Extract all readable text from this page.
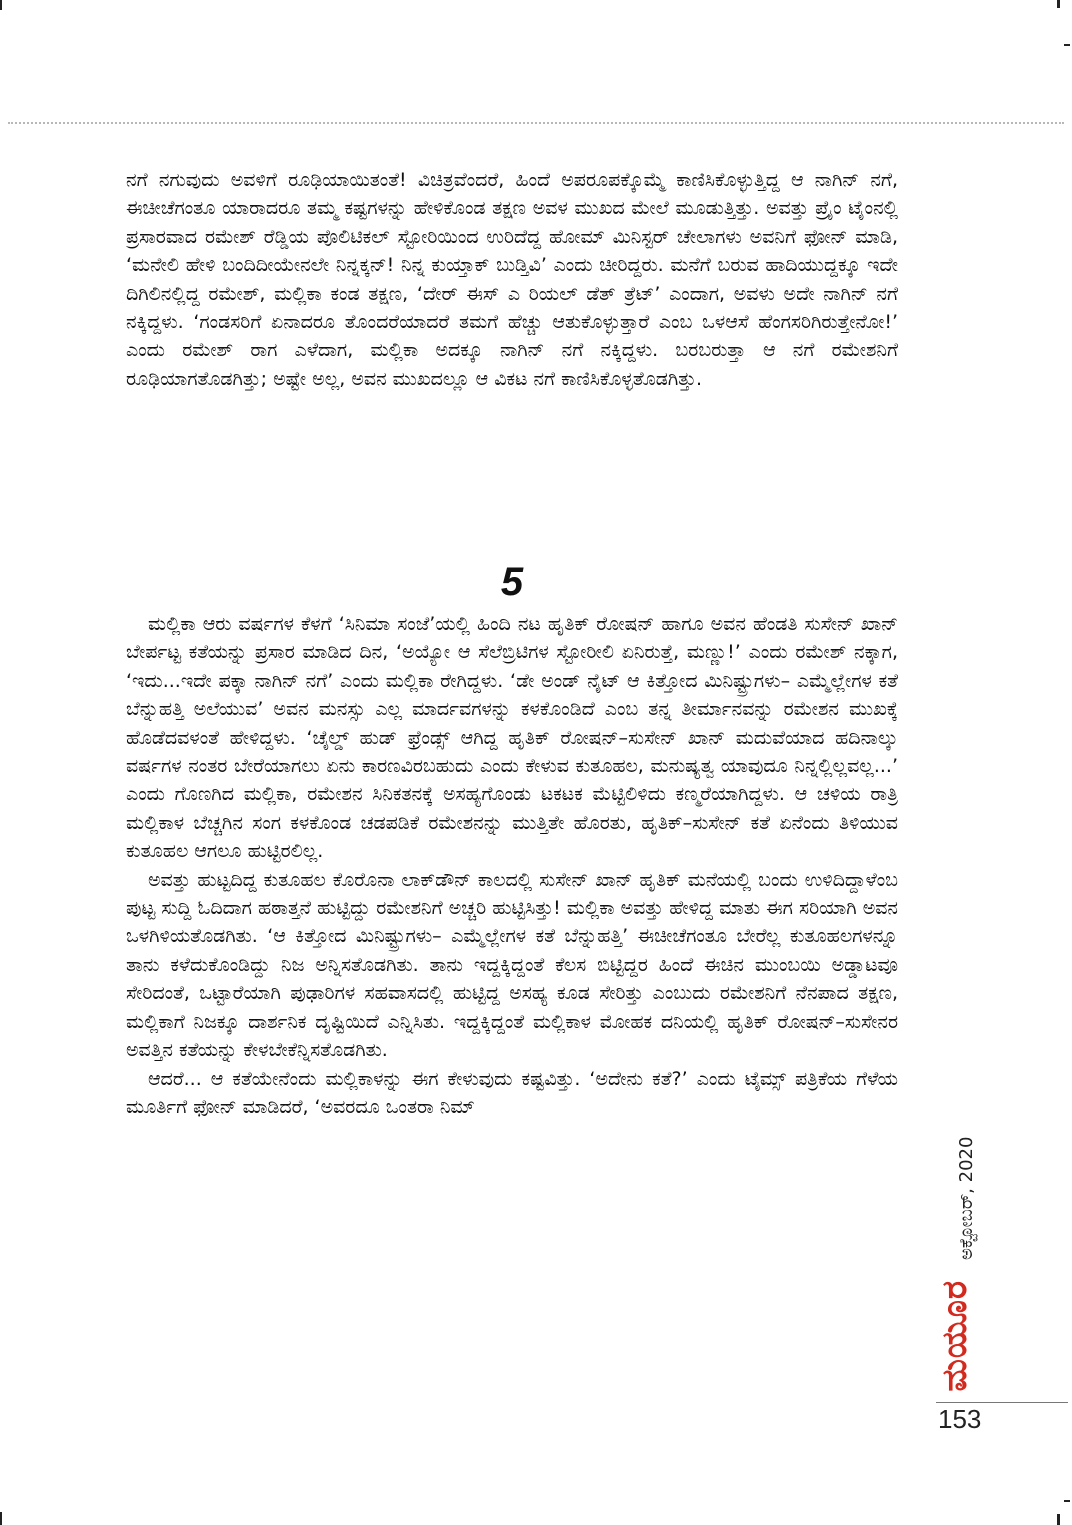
ನಗೆ ನಗುವುದು ಅವಳಿಗೆ ರೂಢಿಯಾಯಿತಂತೆ! ವಿಚಿತ್ರವೆಂದರೆ, ಹಿಂದೆ ಅಪರೂಪಕ್ಕೊಮ್ಮೆ ಕಾಣಿಸಿಕೊಳ್ಳುತ್ತಿದ್ದ ಆ ನಾಗಿನ್ ನಗೆ, ಈಚೀಚೆಗಂತೂ ಯಾರಾದರೂ ತಮ್ಮ ಕಷ್ಟಗಳನ್ನು ಹೇಳಿಕೊಂಡ ತಕ್ಷಣ ಅವಳ ಮುಖದ ಮೇಲೆ ಮೂಡುತ್ತಿತ್ತು. ಅವತ್ತು ಪ್ರೈಂ ಟೈಂನಲ್ಲಿ ಪ್ರಸಾರವಾದ ರಮೇಶ್ ರೆಡ್ಡಿಯ ಪೊಲಿಟಿಕಲ್ ಸ್ಟೋರಿಯಿಂದ ಉರಿದೆದ್ದ ಹೋಮ್ ಮಿನಿಸ್ಟರ್ ಚೇಲಾಗಳು ಅವನಿಗೆ ಫೋನ್ ಮಾಡಿ, ‘ಮನೇಲಿ ಹೇಳಿ ಬಂದಿದೀಯೇನಲೇ ನಿನ್ನಕ್ಕನ್! ನಿನ್ನ ಕುಯ್ತಾಕ್ ಬುಡ್ತಿವಿ’ ಎಂದು ಚೀರಿದ್ದರು. ಮನೆಗೆ ಬರುವ ಹಾದಿಯುದ್ದಕ್ಕೂ ಇದೇ ದಿಗಿಲಿನಲ್ಲಿದ್ದ ರಮೇಶ್, ಮಲ್ಲಿಕಾ ಕಂಡ ತಕ್ಷಣ, ‘ದೇರ್ ಈಸ್ ಎ ರಿಯಲ್ ಡೆತ್ ತ್ರೆಟ್’ ಎಂದಾಗ, ಅವಳು ಅದೇ ನಾಗಿನ್ ನಗೆ ನಕ್ಕಿದ್ದಳು. ‘ಗಂಡಸರಿಗೆ ಏನಾದರೂ ತೊಂದರೆಯಾದರೆ ತಮಗೆ ಹೆಚ್ಚು ಆತುಕೊಳ್ಳುತ್ತಾರೆ ಎಂಬ ಒಳಆಸೆ ಹೆಂಗಸರಿಗಿರುತ್ತೇನೋ!’ ಎಂದು ರಮೇಶ್ ರಾಗ ಎಳೆದಾಗ, ಮಲ್ಲಿಕಾ ಅದಕ್ಕೂ ನಾಗಿನ್ ನಗೆ ನಕ್ಕಿದ್ದಳು. ಬರಬರುತ್ತಾ ಆ ನಗೆ ರಮೇಶನಿಗೆ ರೂಢಿಯಾಗತೊಡಗಿತ್ತು; ಅಷ್ಟೇ ಅಲ್ಲ, ಅವನ ಮುಖದಲ್ಲೂ ಆ ವಿಕಟ ನಗೆ ಕಾಣಿಸಿಕೊಳ್ಳತೊಡಗಿತ್ತು.

5

ಮಲ್ಲಿಕಾ ಆರು ವರ್ಷಗಳ ಕೆಳಗೆ ‘ಸಿನಿಮಾ ಸಂಜೆ’ಯಲ್ಲಿ ಹಿಂದಿ ನಟ ಹೃತಿಕ್ ರೋಷನ್ ಹಾಗೂ ಅವನ ಹೆಂಡತಿ ಸುಸೇನ್ ಖಾನ್ ಬೇರ್ಪಟ್ಟ ಕತೆಯನ್ನು ಪ್ರಸಾರ ಮಾಡಿದ ದಿನ, ‘ಅಯ್ಯೋ ಆ ಸೆಲೆಬ್ರಿಟಿಗಳ ಸ್ಟೋರೀಲಿ ಏನಿರುತ್ತೆ, ಮಣ್ಣು!’ ಎಂದು ರಮೇಶ್ ನಕ್ಕಾಗ, ‘ಇದು...ಇದೇ ಪಕ್ಕಾ ನಾಗಿನ್ ನಗೆ’ ಎಂದು ಮಲ್ಲಿಕಾ ರೇಗಿದ್ದಳು. ‘ಡೇ ಅಂಡ್ ನೈಟ್ ಆ ಕಿತ್ತೋದ ಮಿನಿಷ್ಟ್ರುಗಳು– ಎಮ್ಮೆಲ್ಲೇಗಳ ಕತೆ ಬೆನ್ನುಹತ್ತಿ ಅಲೆಯುವ’ ಅವನ ಮನಸ್ಸು ಎಲ್ಲ ಮಾರ್ದವಗಳನ್ನು ಕಳಕೊಂಡಿದೆ ಎಂಬ ತನ್ನ ತೀರ್ಮಾನವನ್ನು ರಮೇಶನ ಮುಖಕ್ಕೆ ಹೊಡೆದವಳಂತೆ ಹೇಳಿದ್ದಳು. ‘ಚೈಲ್ಡ್ ಹುಡ್ ಫ್ರೆಂಡ್ಸ್ ಆಗಿದ್ದ ಹೃತಿಕ್ ರೋಷನ್–ಸುಸೇನ್ ಖಾನ್ ಮದುವೆಯಾದ ಹದಿನಾಲ್ಕು ವರ್ಷಗಳ ನಂತರ ಬೇರೆಯಾಗಲು ಏನು ಕಾರಣವಿರಬಹುದು ಎಂದು ಕೇಳುವ ಕುತೂಹಲ, ಮನುಷ್ಯತ್ವ ಯಾವುದೂ ನಿನ್ನಲ್ಲಿಲ್ಲವಲ್ಲ...’ ಎಂದು ಗೊಣಗಿದ ಮಲ್ಲಿಕಾ, ರಮೇಶನ ಸಿನಿಕತನಕ್ಕೆ ಅಸಹ್ಯಗೊಂಡು ಟಕಟಕ ಮೆಟ್ಟಿಲಿಳಿದು ಕಣ್ಮರೆಯಾಗಿದ್ದಳು. ಆ ಚಳಿಯ ರಾತ್ರಿ ಮಲ್ಲಿಕಾಳ ಬೆಚ್ಚಗಿನ ಸಂಗ ಕಳಕೊಂಡ ಚಡಪಡಿಕೆ ರಮೇಶನನ್ನು ಮುತ್ತಿತೇ ಹೊರತು, ಹೃತಿಕ್–ಸುಸೇನ್ ಕತೆ ಏನೆಂದು ತಿಳಿಯುವ ಕುತೂಹಲ ಆಗಲೂ ಹುಟ್ಟಿರಲಿಲ್ಲ.

ಅವತ್ತು ಹುಟ್ಟದಿದ್ದ ಕುತೂಹಲ ಕೊರೊನಾ ಲಾಕ್‌ಡೌನ್ ಕಾಲದಲ್ಲಿ ಸುಸೇನ್ ಖಾನ್ ಹೃತಿಕ್ ಮನೆಯಲ್ಲಿ ಬಂದು ಉಳಿದಿದ್ದಾಳೆಂಬ ಪುಟ್ಟ ಸುದ್ದಿ ಓದಿದಾಗ ಹಠಾತ್ತನೆ ಹುಟ್ಟಿದ್ದು ರಮೇಶನಿಗೆ ಅಚ್ಚರಿ ಹುಟ್ಟಿಸಿತ್ತು! ಮಲ್ಲಿಕಾ ಅವತ್ತು ಹೇಳಿದ್ದ ಮಾತು ಈಗ ಸರಿಯಾಗಿ ಅವನ ಒಳಗಿಳಿಯತೊಡಗಿತು. ‘ಆ ಕಿತ್ತೋದ ಮಿನಿಷ್ಟ್ರುಗಳು– ಎಮ್ಮೆಲ್ಲೇಗಳ ಕತೆ ಬೆನ್ನುಹತ್ತಿ’ ಈಚೀಚೆಗಂತೂ ಬೇರೆಲ್ಲ ಕುತೂಹಲಗಳನ್ನೂ ತಾನು ಕಳೆದುಕೊಂಡಿದ್ದು ನಿಜ ಅನ್ನಿಸತೊಡಗಿತು. ತಾನು ಇದ್ದಕ್ಕಿದ್ದಂತೆ ಕೆಲಸ ಬಿಟ್ಟಿದ್ದರ ಹಿಂದೆ ಈಚಿನ ಮುಂಬಯಿ ಅಡ್ಡಾಟವೂ ಸೇರಿದಂತೆ, ಒಟ್ಟಾರೆಯಾಗಿ ಪುಢಾರಿಗಳ ಸಹವಾಸದಲ್ಲಿ ಹುಟ್ಟಿದ್ದ ಅಸಹ್ಯ ಕೂಡ ಸೇರಿತ್ತು ಎಂಬುದು ರಮೇಶನಿಗೆ ನೆನಪಾದ ತಕ್ಷಣ, ಮಲ್ಲಿಕಾಗೆ ನಿಜಕ್ಕೂ ದಾರ್ಶನಿಕ ದೃಷ್ಟಿಯಿದೆ ಎನ್ನಿಸಿತು. ಇದ್ದಕ್ಕಿದ್ದಂತೆ ಮಲ್ಲಿಕಾಳ ಮೋಹಕ ದನಿಯಲ್ಲಿ ಹೃತಿಕ್ ರೋಷನ್–ಸುಸೇನರ ಅವತ್ತಿನ ಕತೆಯನ್ನು ಕೇಳಬೇಕೆನ್ನಿಸತೊಡಗಿತು.

ಆದರೆ... ಆ ಕತೆಯೇನೆಂದು ಮಲ್ಲಿಕಾಳನ್ನು ಈಗ ಕೇಳುವುದು ಕಷ್ಟವಿತ್ತು. ‘ಅದೇನು ಕತೆ?’ ಎಂದು ಟೈಮ್ಸ್ ಪತ್ರಿಕೆಯ ಗೆಳೆಯ ಮೂರ್ತಿಗೆ ಫೋನ್ ಮಾಡಿದರೆ, ‘ಅವರದೂ ಒಂತರಾ ನಿಮ್

ಅಕ್ಟೋಬರ್, 2020
ಮಯೂರ
153
